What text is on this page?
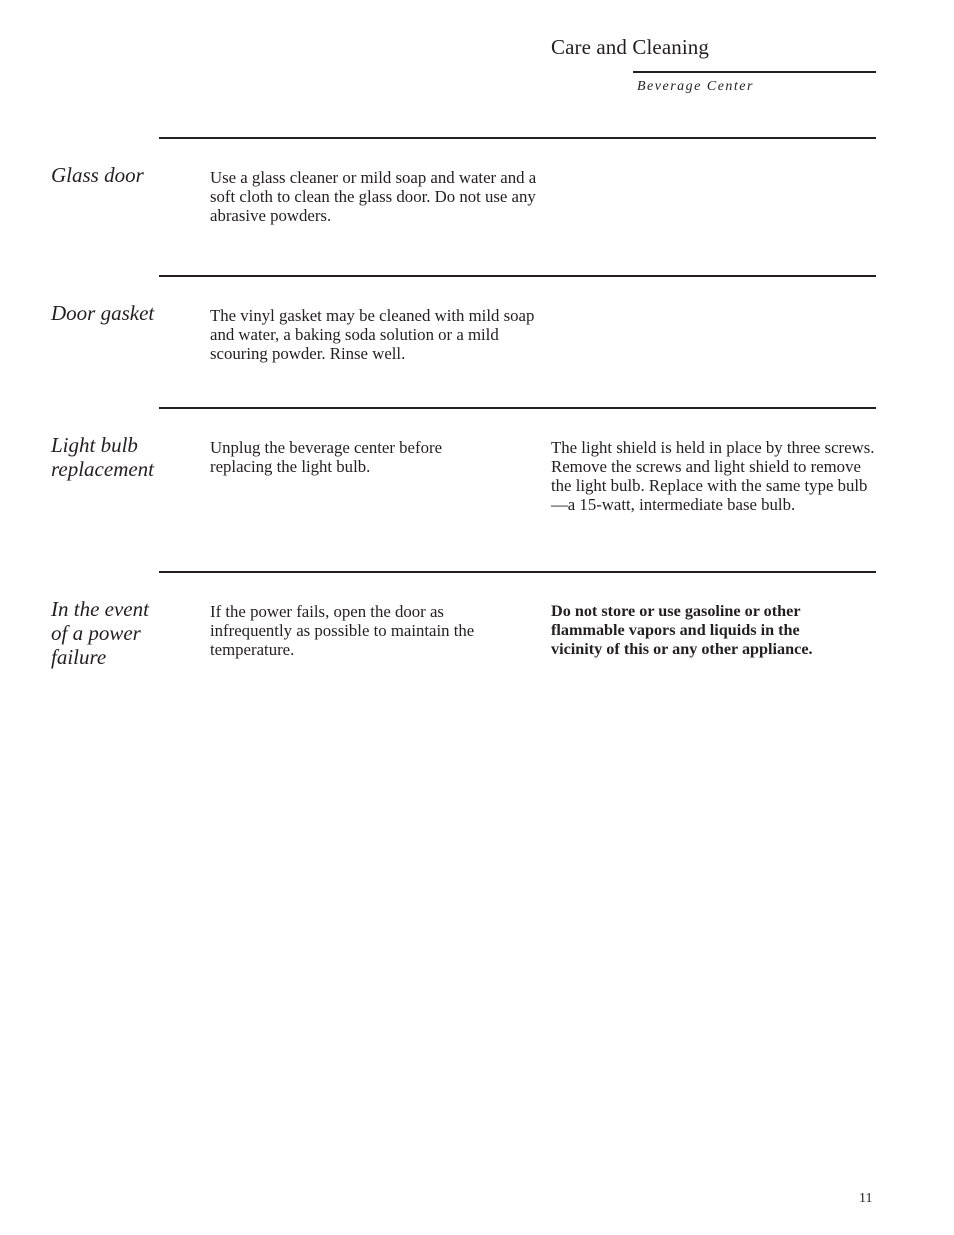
Care and Cleaning
Beverage Center
Glass door	Use a glass cleaner or mild soap and water and a soft cloth to clean the glass door. Do not use any abrasive powders.
Door gasket	The vinyl gasket may be cleaned with mild soap and water, a baking soda solution or a mild scouring powder. Rinse well.
Light bulb replacement
Unplug the beverage center before replacing the light bulb.
The light shield is held in place by three screws. Remove the screws and light shield to remove the light bulb. Replace with the same type bulb—a 15-watt, intermediate base bulb.
In the event of a power failure
If the power fails, open the door as infrequently as possible to maintain the temperature.
Do not store or use gasoline or other flammable vapors and liquids in the vicinity of this or any other appliance.
11
